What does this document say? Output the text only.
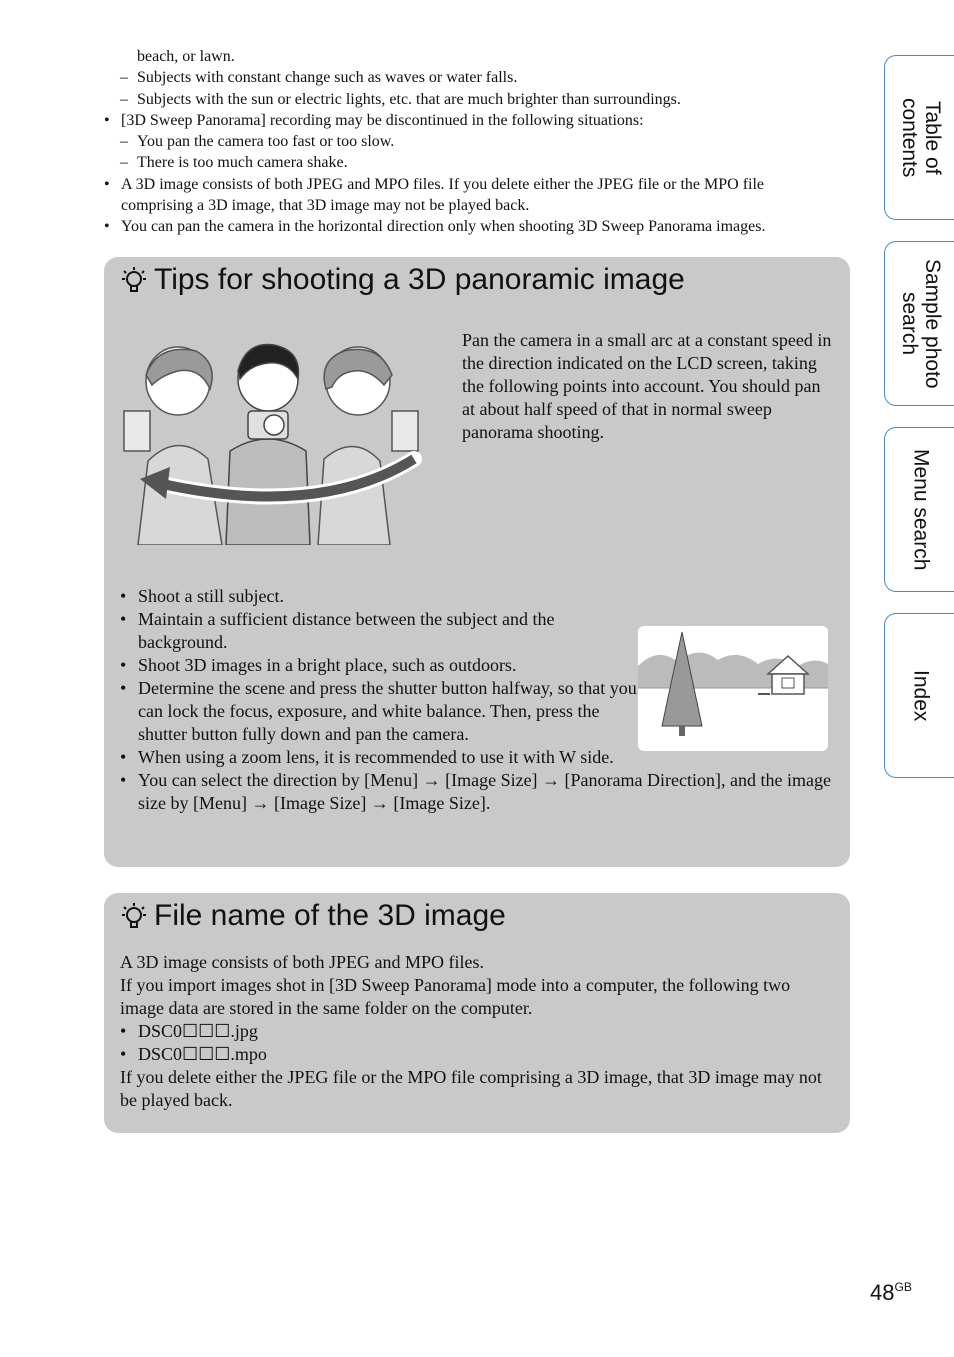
beach, or lawn.
– Subjects with constant change such as waves or water falls.
– Subjects with the sun or electric lights, etc. that are much brighter than surroundings.
• [3D Sweep Panorama] recording may be discontinued in the following situations:
– You pan the camera too fast or too slow.
– There is too much camera shake.
• A 3D image consists of both JPEG and MPO files. If you delete either the JPEG file or the MPO file comprising a 3D image, that 3D image may not be played back.
• You can pan the camera in the horizontal direction only when shooting 3D Sweep Panorama images.
Tips for shooting a 3D panoramic image
Pan the camera in a small arc at a constant speed in the direction indicated on the LCD screen, taking the following points into account. You should pan at about half speed of that in normal sweep panorama shooting.
• Shoot a still subject.
• Maintain a sufficient distance between the subject and the background.
• Shoot 3D images in a bright place, such as outdoors.
• Determine the scene and press the shutter button halfway, so that you can lock the focus, exposure, and white balance. Then, press the shutter button fully down and pan the camera.
• When using a zoom lens, it is recommended to use it with W side.
• You can select the direction by [Menu] → [Image Size] → [Panorama Direction], and the image size by [Menu] → [Image Size] → [Image Size].
File name of the 3D image

A 3D image consists of both JPEG and MPO files.

If you import images shot in [3D Sweep Panorama] mode into a computer, the following two image data are stored in the same folder on the computer.

• DSC0☐☐☐.jpg
• DSC0☐☐☐.mpo

If you delete either the JPEG file or the MPO file comprising a 3D image, that 3D image may not be played back.

Table of
contents
Sample photo
search
Menu search
Index
$48^{GB}$
